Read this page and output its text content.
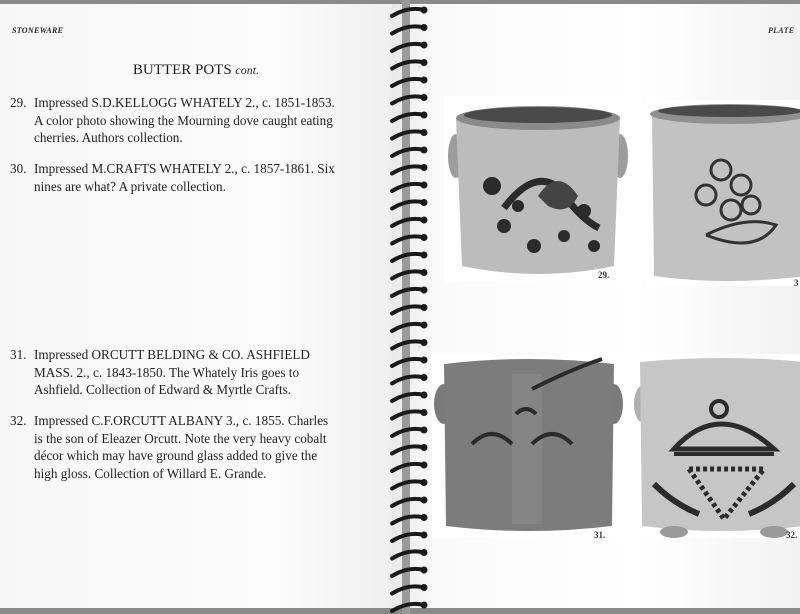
STONEWARE	PLATE
BUTTER POTS cont.
29. Impressed S.D.KELLOGG WHATELY 2., c. 1851-1853. A color photo showing the Mourning dove caught eating cherries. Authors collection.
30. Impressed M.CRAFTS WHATELY 2., c. 1857-1861. Six nines are what? A private collection.
31. Impressed ORCUTT BELDING & CO. ASHFIELD MASS. 2., c. 1843-1850. The Whately Iris goes to Ashfield. Collection of Edward & Myrtle Crafts.
32. Impressed C.F.ORCUTT ALBANY 3., c. 1855. Charles is the son of Eleazer Orcutt. Note the very heavy cobalt décor which may have ground glass added to give the high gloss. Collection of Willard E. Grande.
29.
3
31.	32.
